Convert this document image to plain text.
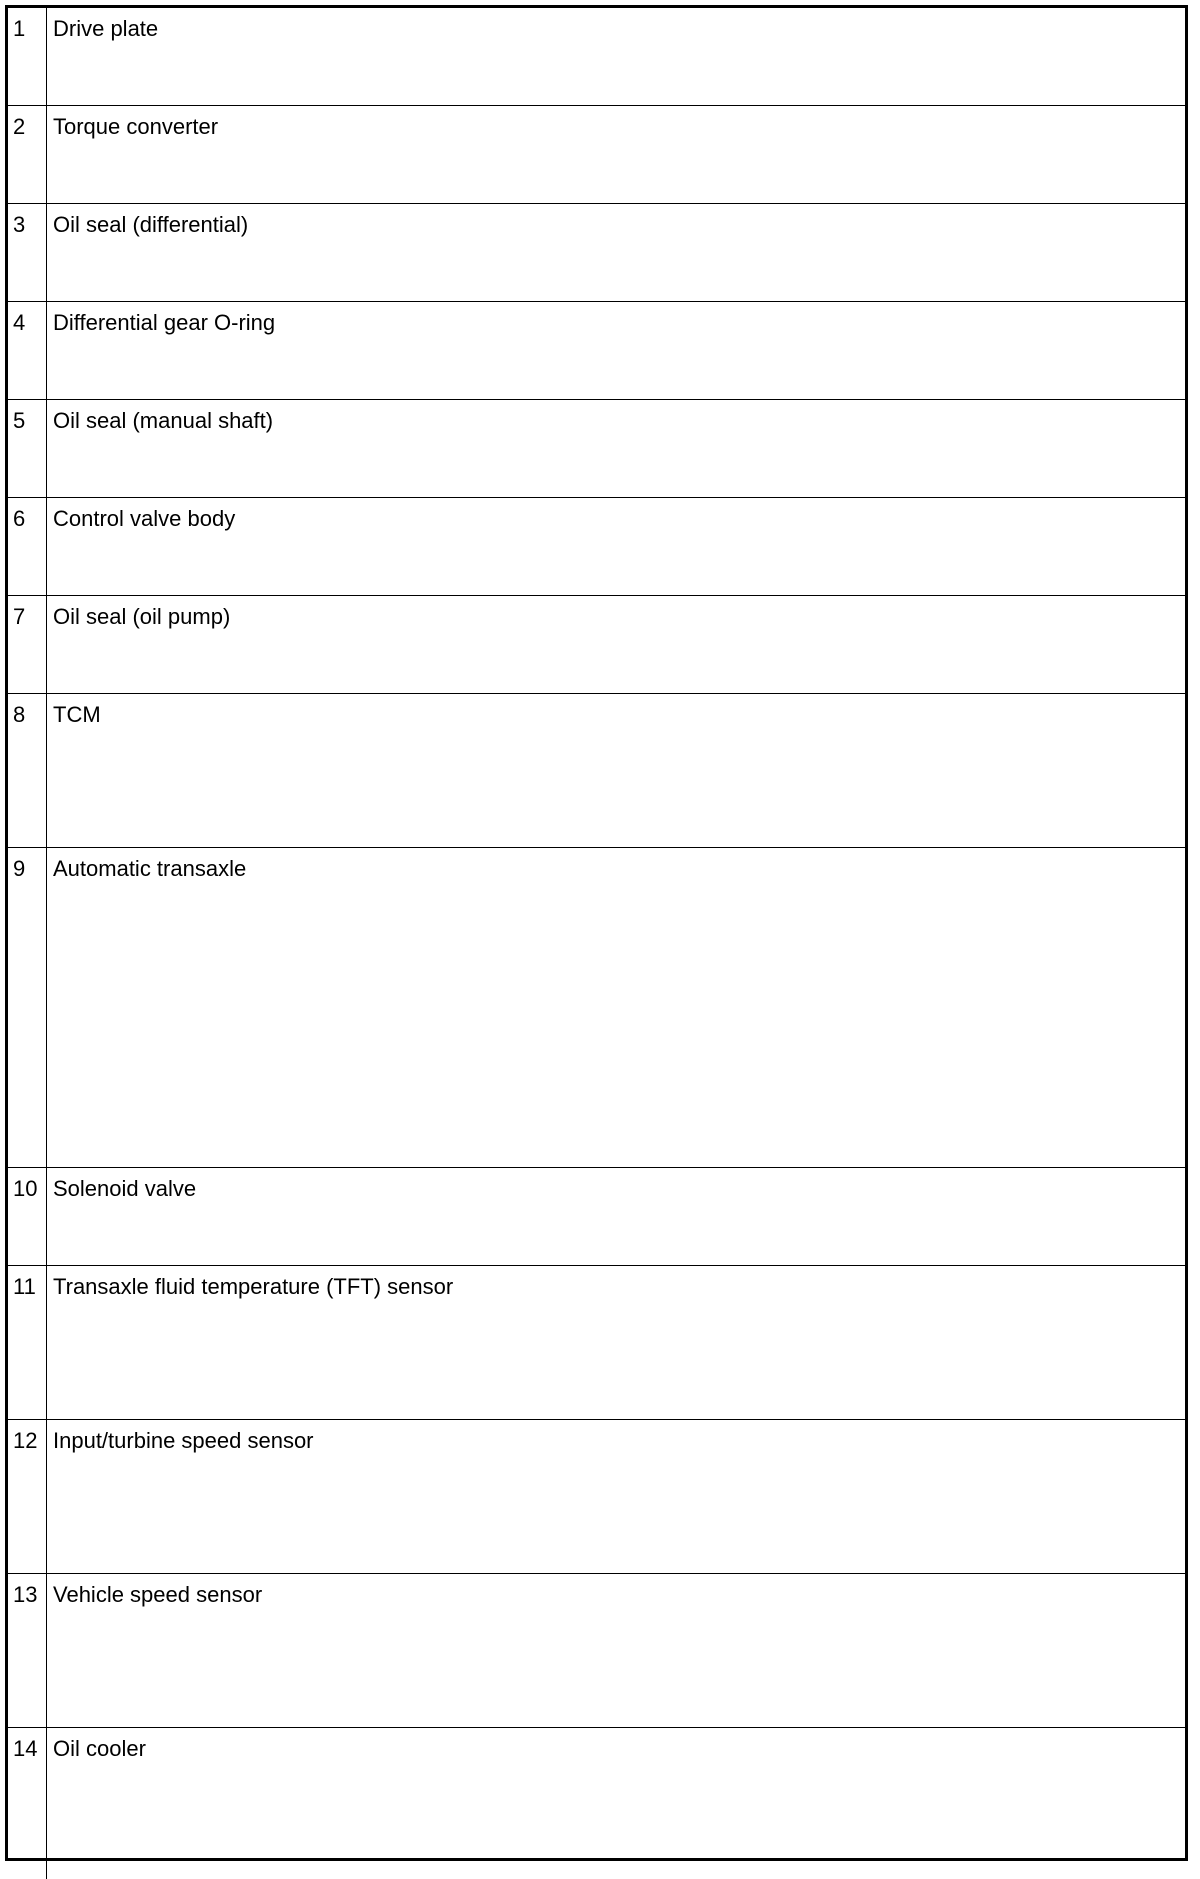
1	Drive plate

2	Torque converter

3	Oil seal (differential)

4	Differential gear O-ring

5	Oil seal (manual shaft)

6	Control valve body

7	Oil seal (oil pump)

8	TCM

9	Automatic transaxle

10	Solenoid valve

11	Transaxle fluid temperature (TFT) sensor

12	Input/turbine speed sensor

13	Vehicle speed sensor

14	Oil cooler
